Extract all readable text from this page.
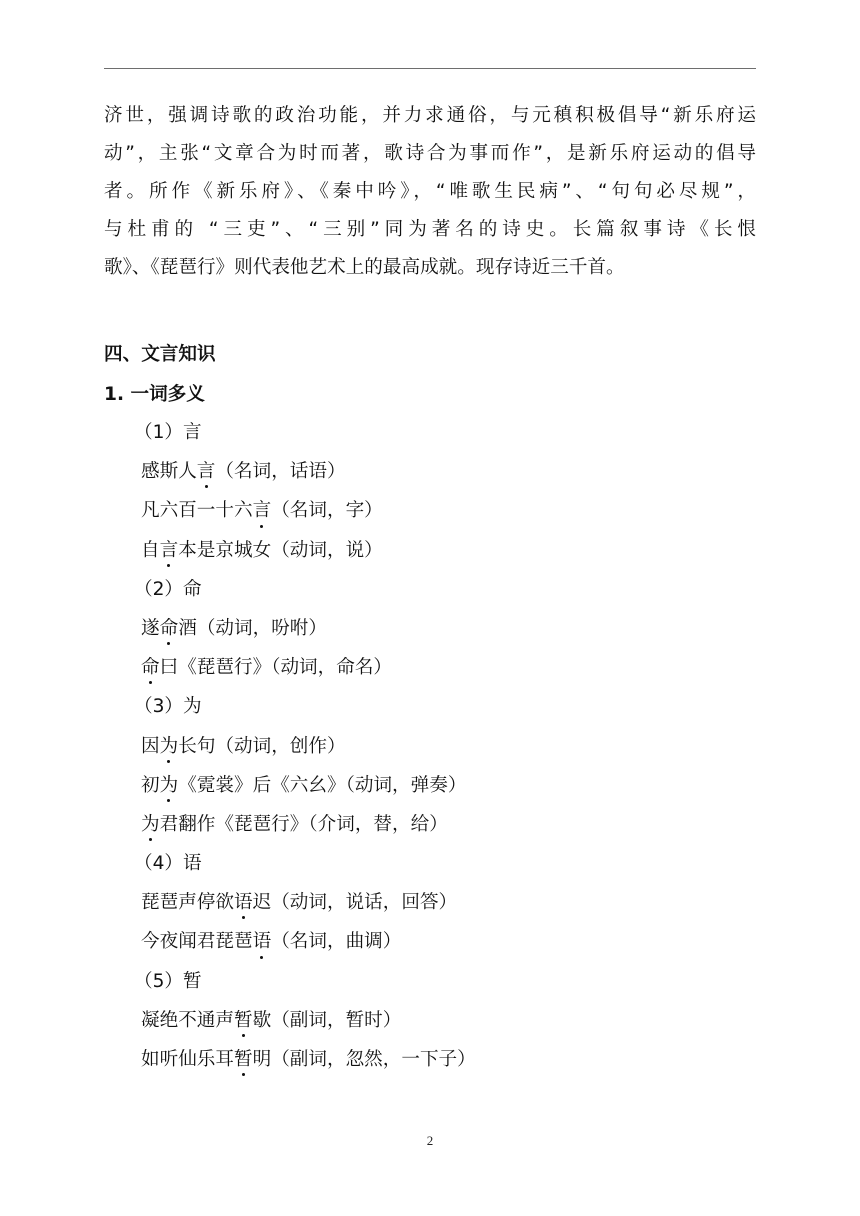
济世，强调诗歌的政治功能，并力求通俗，与元稹积极倡导“新乐府运
动”，主张“文章合为时而著，歌诗合为事而作”，是新乐府运动的倡导
者。所作《新乐府》、《秦中吟》，“唯歌生民病”、“句句必尽规”，
与杜甫的 “三吏”、“三别”同为著名的诗史。长篇叙事诗《长恨
歌》、《琵琶行》则代表他艺术上的最高成就。现存诗近三千首。
四、文言知识
1. 一词多义
（1）言
感斯人言（名词，话语）
凡六百一十六言（名词，字）
自言本是京城女（动词，说）
（2）命
遂命酒（动词，吩咐）
命曰《琵琶行》（动词，命名）
（3）为
因为长句（动词，创作）
初为《霓裳》后《六幺》（动词，弹奏）
为君翻作《琵琶行》（介词，替，给）
（4）语
琵琶声停欲语迟（动词，说话，回答）
今夜闻君琵琶语（名词，曲调）
（5）暂
凝绝不通声暂歇（副词，暂时）
如听仙乐耳暂明（副词，忽然，一下子）
2
